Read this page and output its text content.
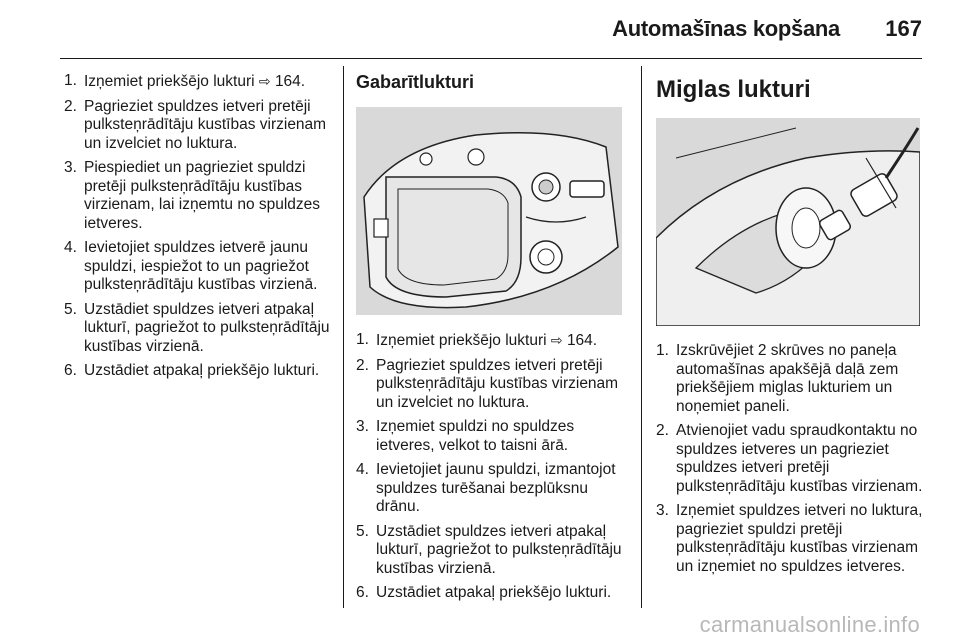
Automašīnas kopšana 167
1. Izņemiet priekšējo lukturi ⇨ 164.
2. Pagrieziet spuldzes ietveri pretēji pulksteņrādītāju kustības virzienam un izvelciet no luktura.
3. Piespiediet un pagrieziet spuldzi pretēji pulksteņrādītāju kustības virzienam, lai izņemtu no spuldzes ietveres.
4. Ievietojiet spuldzes ietverē jaunu spuldzi, iespiežot to un pagriežot pulksteņrādītāju kustības virzienā.
5. Uzstādiet spuldzes ietveri atpakaļ lukturī, pagriežot to pulksteņrādītāju kustības virzienā.
6. Uzstādiet atpakaļ priekšējo lukturi.
Gabarītlukturi
1. Izņemiet priekšējo lukturi ⇨ 164.
2. Pagrieziet spuldzes ietveri pretēji pulksteņrādītāju kustības virzienam un izvelciet no luktura.
3. Izņemiet spuldzi no spuldzes ietveres, velkot to taisni ārā.
4. Ievietojiet jaunu spuldzi, izmantojot spuldzes turēšanai bezplūksnu drānu.
5. Uzstādiet spuldzes ietveri atpakaļ lukturī, pagriežot to pulksteņrādītāju kustības virzienā.
6. Uzstādiet atpakaļ priekšējo lukturi.
Miglas lukturi
1. Izskrūvējiet 2 skrūves no paneļa automašīnas apakšējā daļā zem priekšējiem miglas lukturiem un noņemiet paneli.
2. Atvienojiet vadu spraudkontaktu no spuldzes ietveres un pagrieziet spuldzes ietveri pretēji pulksteņrādītāju kustības virzienam.
3. Izņemiet spuldzes ietveri no luktura, pagrieziet spuldzi pretēji pulksteņrādītāju kustības virzienam un izņemiet no spuldzes ietveres.
carmanualsonline.info
